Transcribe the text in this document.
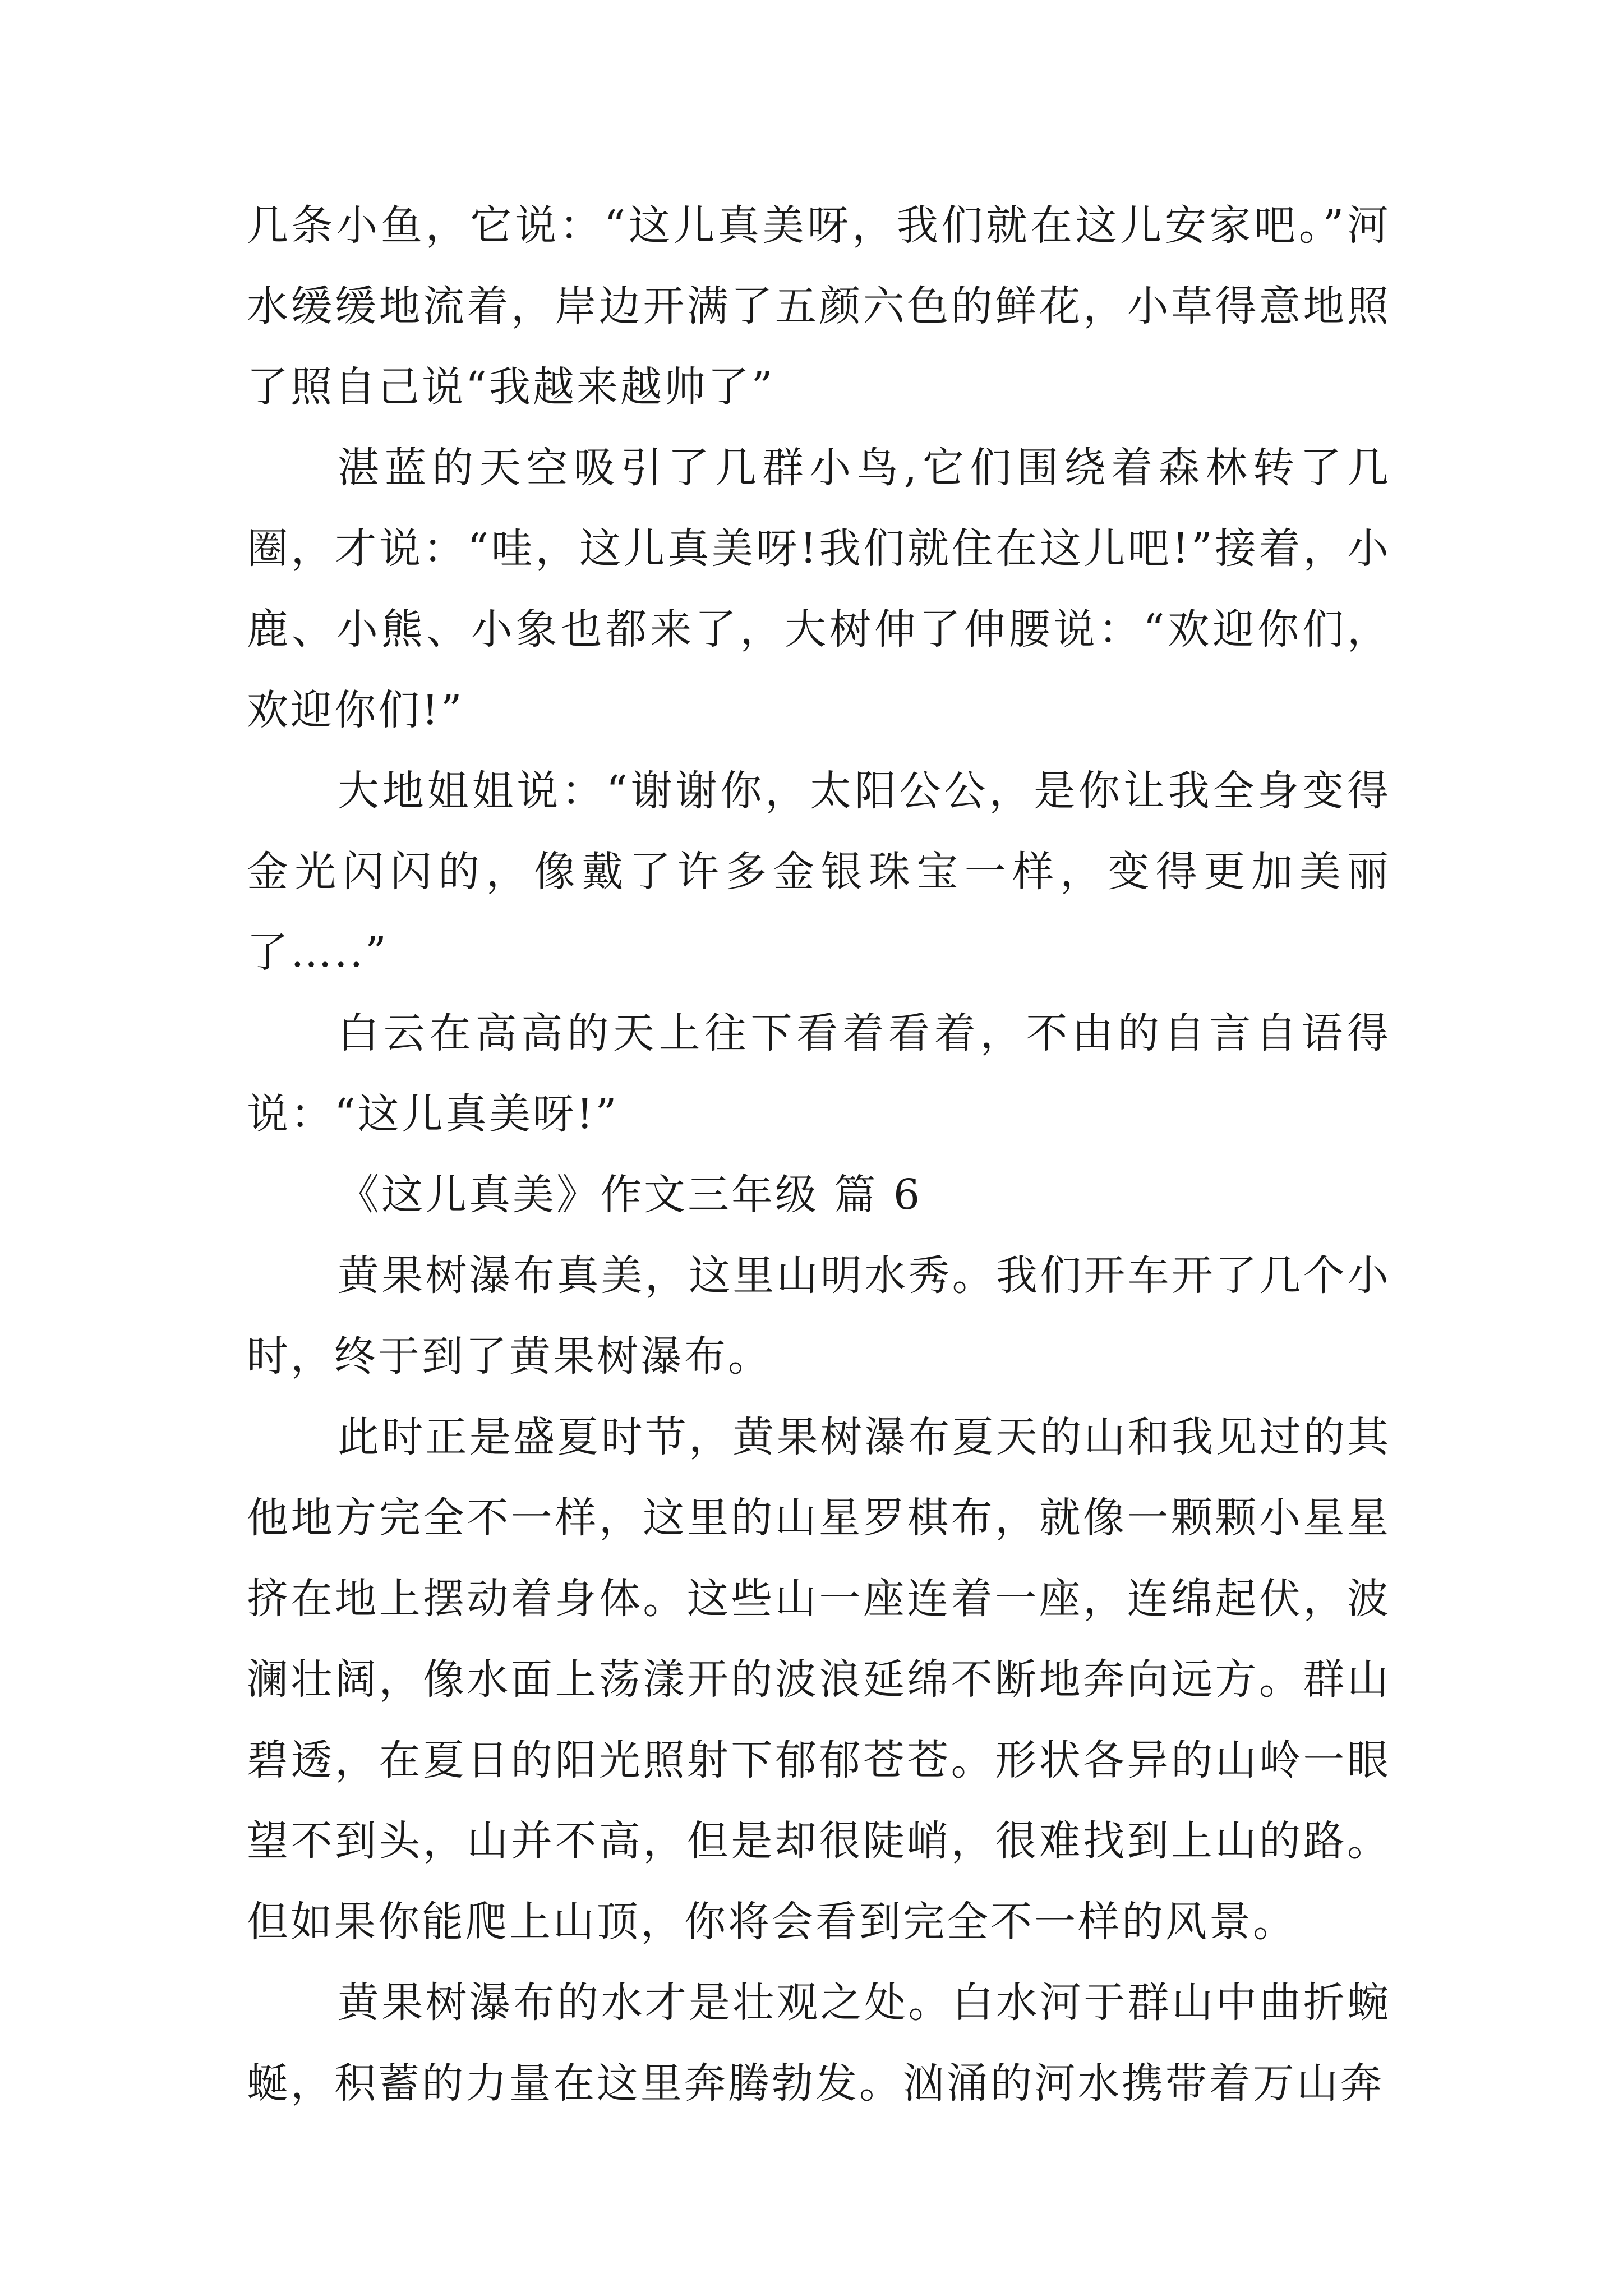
几条小鱼，它说：“这儿真美呀，我们就在这儿安家吧。”河水缓缓地流着，岸边开满了五颜六色的鲜花，小草得意地照了照自己说“我越来越帅了”

湛蓝的天空吸引了几群小鸟,它们围绕着森林转了几圈，才说：“哇，这儿真美呀!我们就住在这儿吧!”接着，小鹿、小熊、小象也都来了，大树伸了伸腰说：“欢迎你们，欢迎你们!”

大地姐姐说：“谢谢你，太阳公公，是你让我全身变得金光闪闪的，像戴了许多金银珠宝一样，变得更加美丽了…..”

白云在高高的天上往下看着看着，不由的自言自语得说：“这儿真美呀!”

《这儿真美》作文三年级 篇 6

黄果树瀑布真美，这里山明水秀。我们开车开了几个小时，终于到了黄果树瀑布。

此时正是盛夏时节，黄果树瀑布夏天的山和我见过的其他地方完全不一样，这里的山星罗棋布，就像一颗颗小星星挤在地上摆动着身体。这些山一座连着一座，连绵起伏，波澜壮阔，像水面上荡漾开的波浪延绵不断地奔向远方。群山碧透，在夏日的阳光照射下郁郁苍苍。形状各异的山岭一眼望不到头，山并不高，但是却很陡峭，很难找到上山的路。但如果你能爬上山顶，你将会看到完全不一样的风景。

黄果树瀑布的水才是壮观之处。白水河于群山中曲折蜿蜒，积蓄的力量在这里奔腾勃发。汹涌的河水携带着万山奔
